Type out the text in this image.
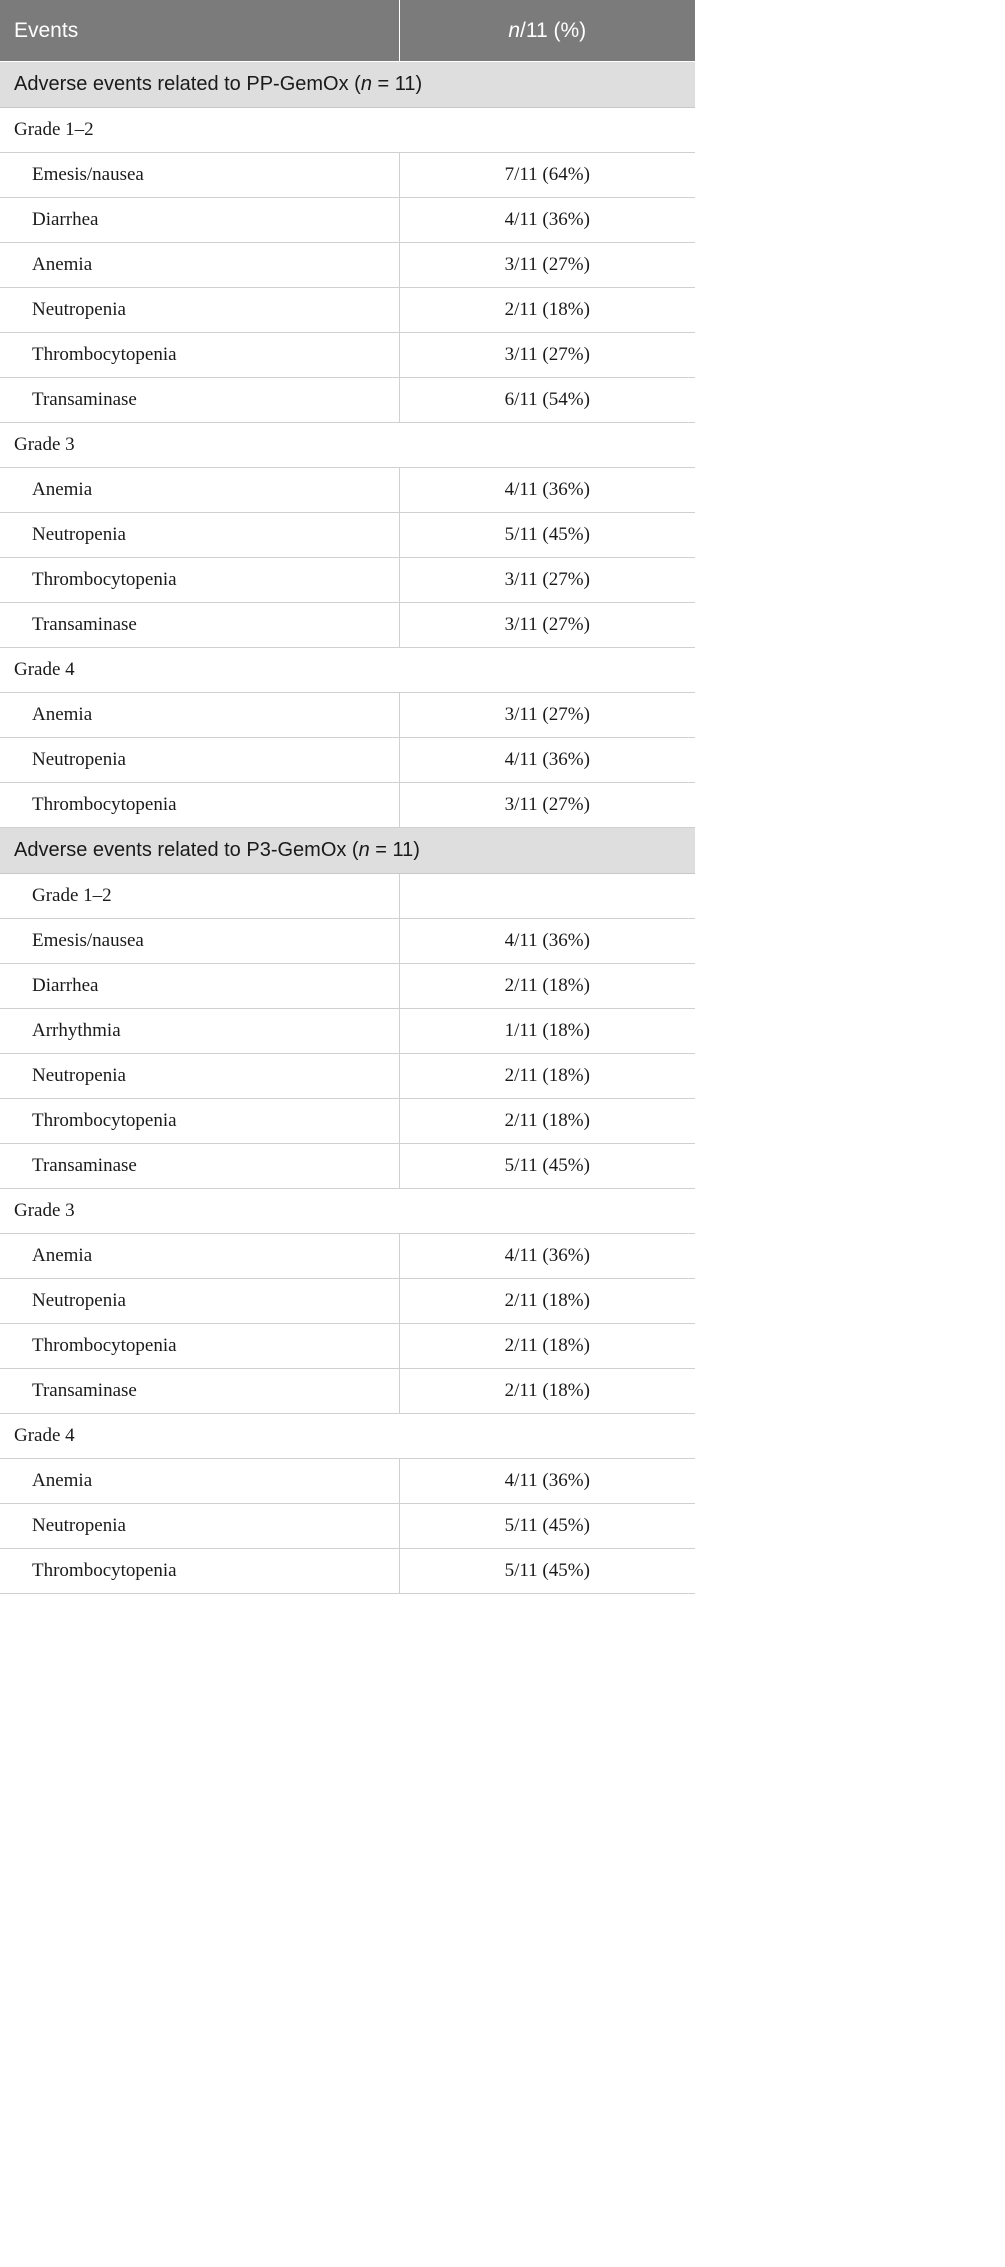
Events	n/11 (%)
Adverse events related to PP-GemOx (n = 11)	
Grade 1–2	
Emesis/nausea	7/11 (64%)
Diarrhea	4/11 (36%)
Anemia	3/11 (27%)
Neutropenia	2/11 (18%)
Thrombocytopenia	3/11 (27%)
Transaminase	6/11 (54%)
Grade 3	
Anemia	4/11 (36%)
Neutropenia	5/11 (45%)
Thrombocytopenia	3/11 (27%)
Transaminase	3/11 (27%)
Grade 4	
Anemia	3/11 (27%)
Neutropenia	4/11 (36%)
Thrombocytopenia	3/11 (27%)
Adverse events related to P3-GemOx (n = 11)	
Grade 1–2	
Emesis/nausea	4/11 (36%)
Diarrhea	2/11 (18%)
Arrhythmia	1/11 (18%)
Neutropenia	2/11 (18%)
Thrombocytopenia	2/11 (18%)
Transaminase	5/11 (45%)
Grade 3	
Anemia	4/11 (36%)
Neutropenia	2/11 (18%)
Thrombocytopenia	2/11 (18%)
Transaminase	2/11 (18%)
Grade 4	
Anemia	4/11 (36%)
Neutropenia	5/11 (45%)
Thrombocytopenia	5/11 (45%)
